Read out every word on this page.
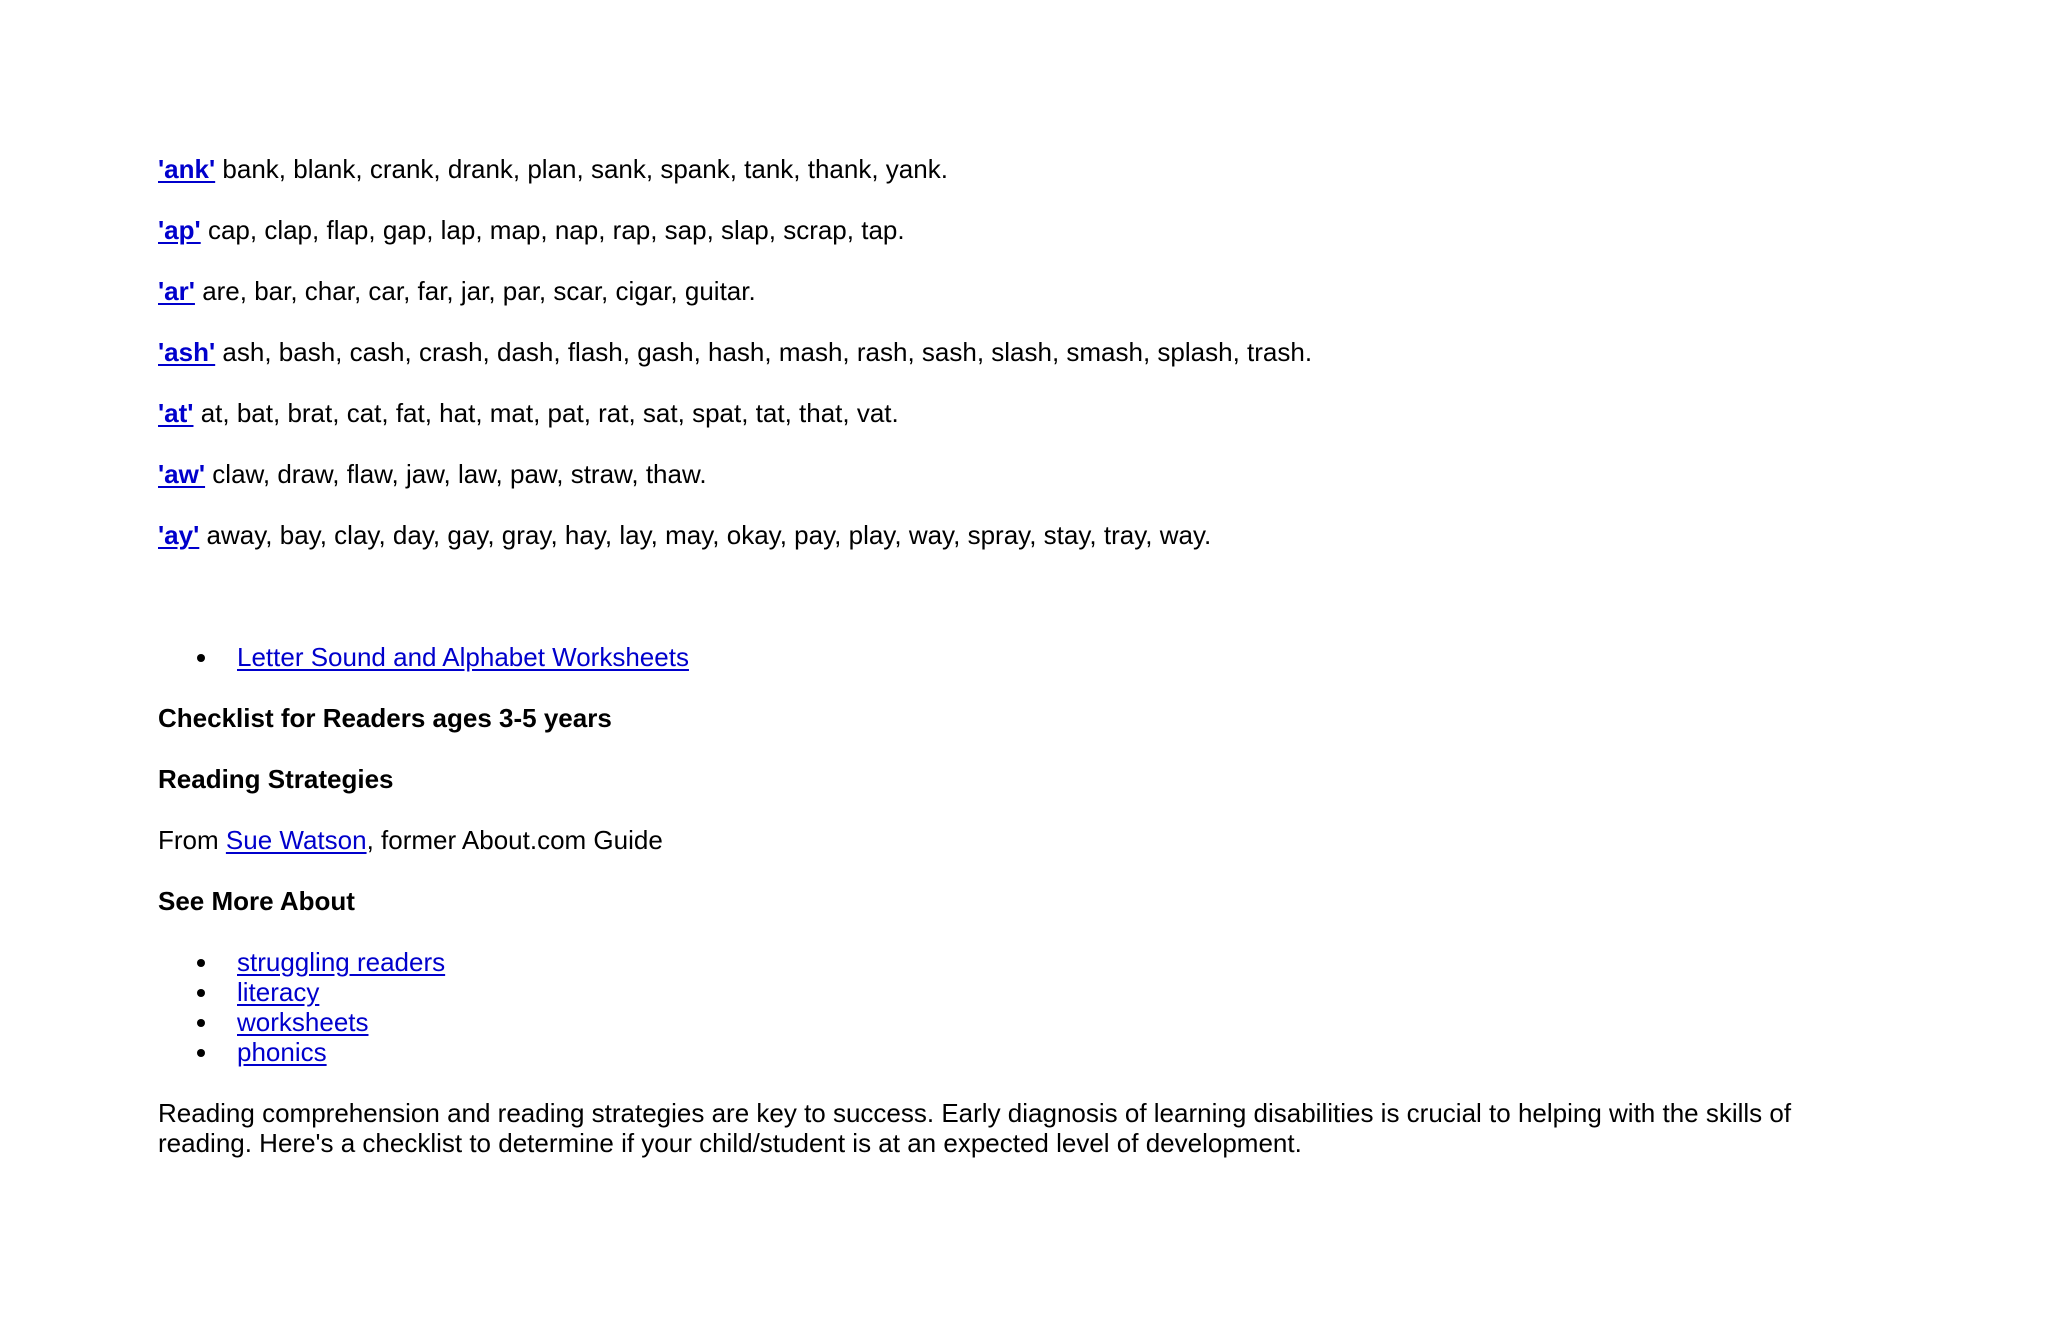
'ank' bank, blank, crank, drank, plan, sank, spank, tank, thank, yank.
'ap' cap, clap, flap, gap, lap, map, nap, rap, sap, slap, scrap, tap.
'ar' are, bar, char, car, far, jar, par, scar, cigar, guitar.
'ash' ash, bash, cash, crash, dash, flash, gash, hash, mash, rash, sash, slash, smash, splash, trash.
'at' at, bat, brat, cat, fat, hat, mat, pat, rat, sat, spat, tat, that, vat.
'aw' claw, draw, flaw, jaw, law, paw, straw, thaw.
'ay' away, bay, clay, day, gay, gray, hay, lay, may, okay, pay, play, way, spray, stay, tray, way.
Letter Sound and Alphabet Worksheets
Checklist for Readers ages 3-5 years
Reading Strategies
From Sue Watson, former About.com Guide
See More About
struggling readers
literacy
worksheets
phonics

Reading comprehension and reading strategies are key to success. Early diagnosis of learning disabilities is crucial to helping with the skills of reading. Here's a checklist to determine if your child/student is at an expected level of development.
